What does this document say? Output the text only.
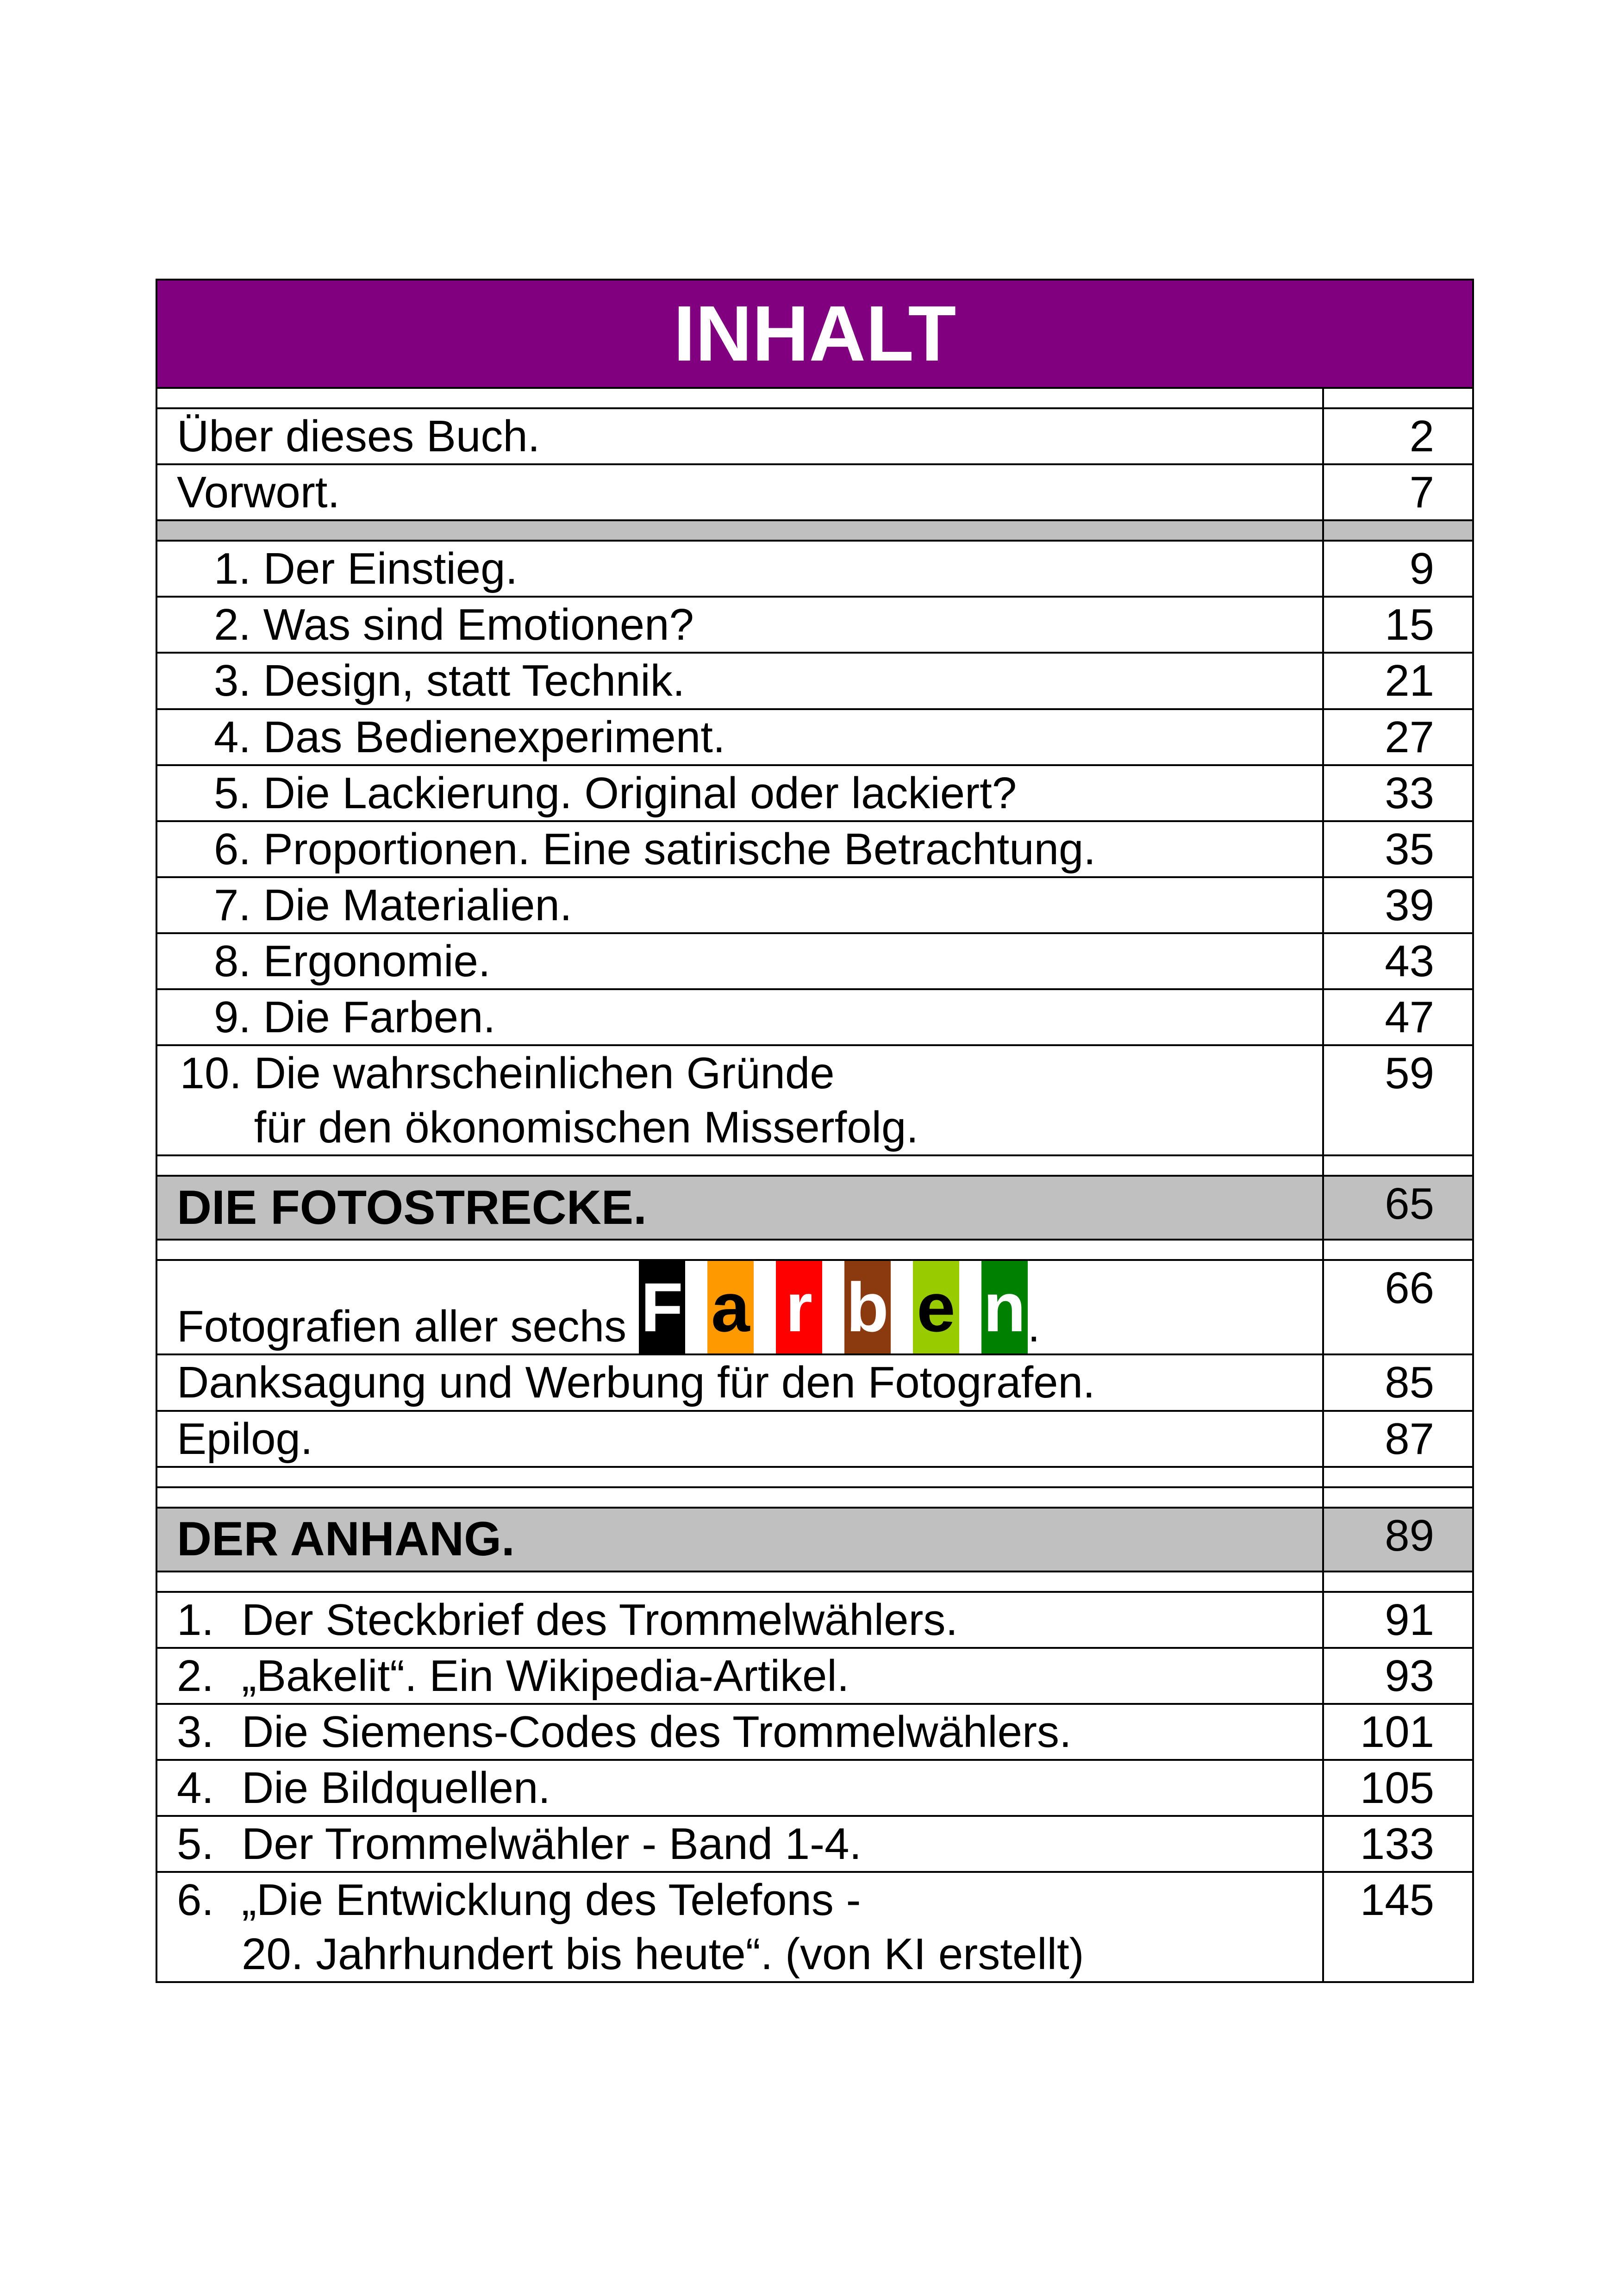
INHALT	

Über dieses Buch.	2
Vorwort.	7

1. Der Einstieg.	9
2. Was sind Emotionen?	15
3. Design, statt Technik.	21
4. Das Bedienexperiment.	27
5. Die Lackierung. Original oder lackiert?	33
6. Proportionen. Eine satirische Betrachtung.	35
7. Die Materialien.	39
8. Ergonomie.	43
9. Die Farben.	47
10. Die wahrscheinlichen Gründe
für den ökonomischen Misserfolg.	59

DIE FOTOSTRECKE.	65

Fotografien aller sechs F a r b e n.	66
Danksagung und Werbung für den Fotografen.	85
Epilog.	87

DER ANHANG.	89

1. Der Steckbrief des Trommelwählers.	91
2. „Bakelit“. Ein Wikipedia-Artikel.	93
3. Die Siemens-Codes des Trommelwählers.	101
4. Die Bildquellen.	105
5. Der Trommelwähler - Band 1-4.	133
6. „Die Entwicklung des Telefons -
20. Jahrhundert bis heute“. (von KI erstellt)	145
